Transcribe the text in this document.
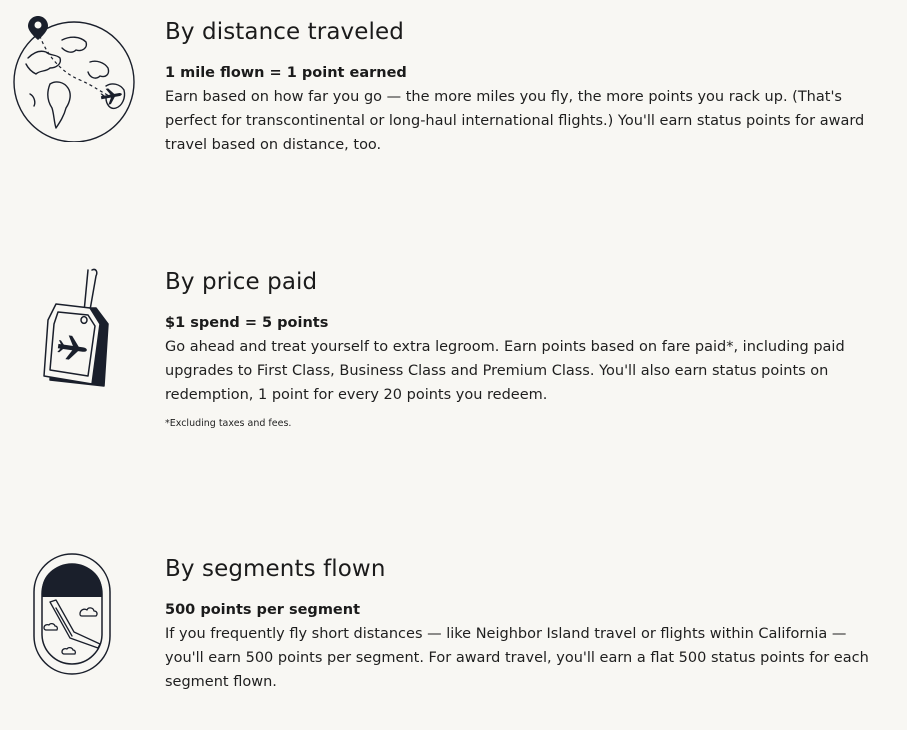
By distance traveled

1 mile flown = 1 point earned

Earn based on how far you go — the more miles you fly, the more points you rack up. (That's perfect for transcontinental or long-haul international flights.) You'll earn status points for award travel based on distance, too.

By price paid

$1 spend = 5 points

Go ahead and treat yourself to extra legroom. Earn points based on fare paid*, including paid upgrades to First Class, Business Class and Premium Class. You'll also earn status points on redemption, 1 point for every 20 points you redeem.

*Excluding taxes and fees.

By segments flown

500 points per segment

If you frequently fly short distances — like Neighbor Island travel or flights within California — you'll earn 500 points per segment. For award travel, you'll earn a flat 500 status points for each segment flown.
